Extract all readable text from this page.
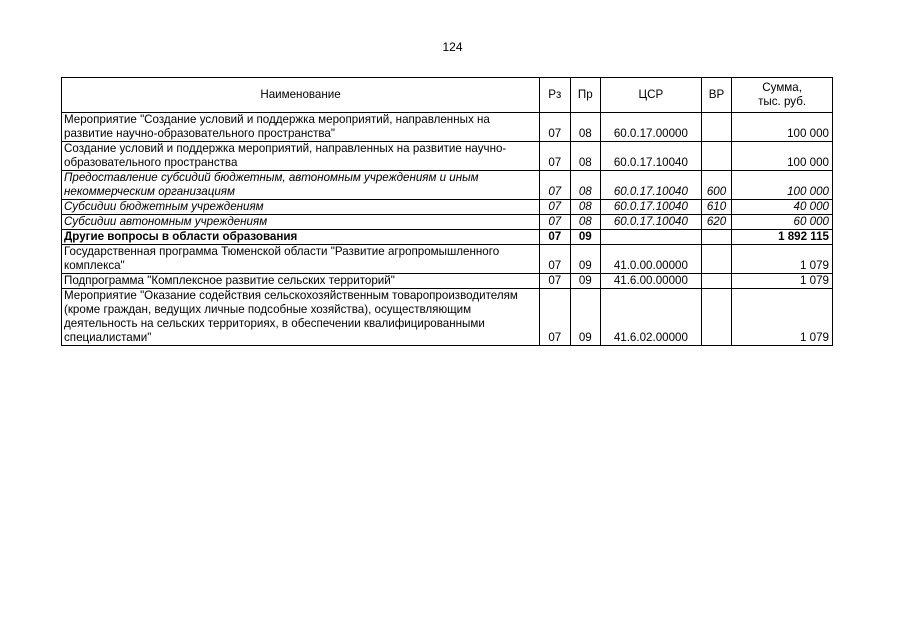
124
Наименование	Рз	Пр	ЦСР	ВР	Сумма,
тыс. руб.

Мероприятие "Создание условий и поддержка мероприятий, направленных на развитие научно-образовательного пространства"	07	08	60.0.17.00000		100 000
Создание условий и поддержка мероприятий, направленных на развитие научно-образовательного пространства	07	08	60.0.17.10040		100 000
Предоставление субсидий бюджетным, автономным учреждениям и иным некоммерческим организациям	07	08	60.0.17.10040	600	100 000
Субсидии бюджетным учреждениям	07	08	60.0.17.10040	610	40 000
Субсидии автономным учреждениям	07	08	60.0.17.10040	620	60 000
Другие вопросы в области образования	07	09			1 892 115
Государственная программа Тюменской области "Развитие агропромышленного комплекса"	07	09	41.0.00.00000		1 079
Подпрограмма "Комплексное развитие сельских территорий"	07	09	41.6.00.00000		1 079
Мероприятие "Оказание содействия сельскохозяйственным товаропроизводителям (кроме граждан, ведущих личные подсобные хозяйства), осуществляющим деятельность на сельских территориях, в обеспечении квалифицированными специалистами"	07	09	41.6.02.00000		1 079
